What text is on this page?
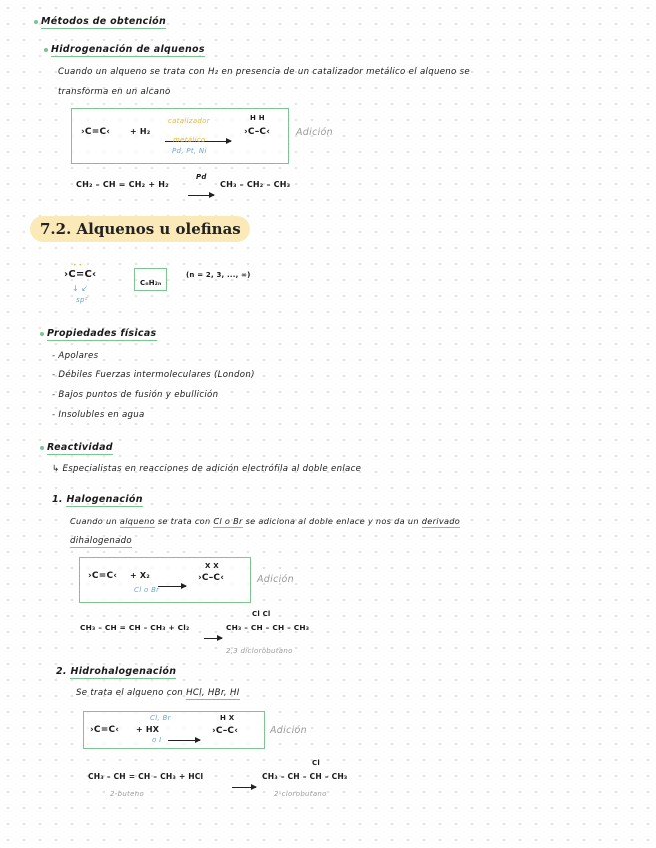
Métodos de obtención
Hidrogenación de alquenos
Cuando un alqueno se trata con H₂ en presencia de un catalizador metálico el alqueno se
transforma en un alcano
›C=C‹ + H₂
catalizador
metálico
Pd, Pt, Ni
H H
›C–C‹	Adición
CH₂ – CH = CH₂ + H₂
Pd
CH₃ – CH₂ – CH₃
7.2. Alquenos u olefinas
›C=C‹
• •
↓ ↙
sp²
CₙH₂ₙ
(n = 2, 3, ..., ∞)
Propiedades físicas
- Apolares
- Débiles Fuerzas intermoleculares (London)
- Bajos puntos de fusión y ebullición
- Insolubles en agua
Reactividad
↳ Especialistas en reacciones de adición electrófila al doble enlace
1. Halogenación
Cuando un alqueno se trata con Cl o Br se adiciona al doble enlace y nos da un derivado
dihalogenado
›C=C‹ + X₂
Cl o Br
X X
›C–C‹	Adición
Cl Cl
CH₃ – CH = CH – CH₃ + Cl₂	CH₃ – CH – CH – CH₃
2,3 diclorobutano
2. Hidrohalogenación
Se trata el alqueno con HCl, HBr, HI
›C=C‹
Cl, Br
+ HX
o I →
H X
›C–C‹	Adición
Cl
CH₃ – CH = CH – CH₃ + HCl	CH₃ – CH – CH – CH₃
2-buteno	2-clorobutano
